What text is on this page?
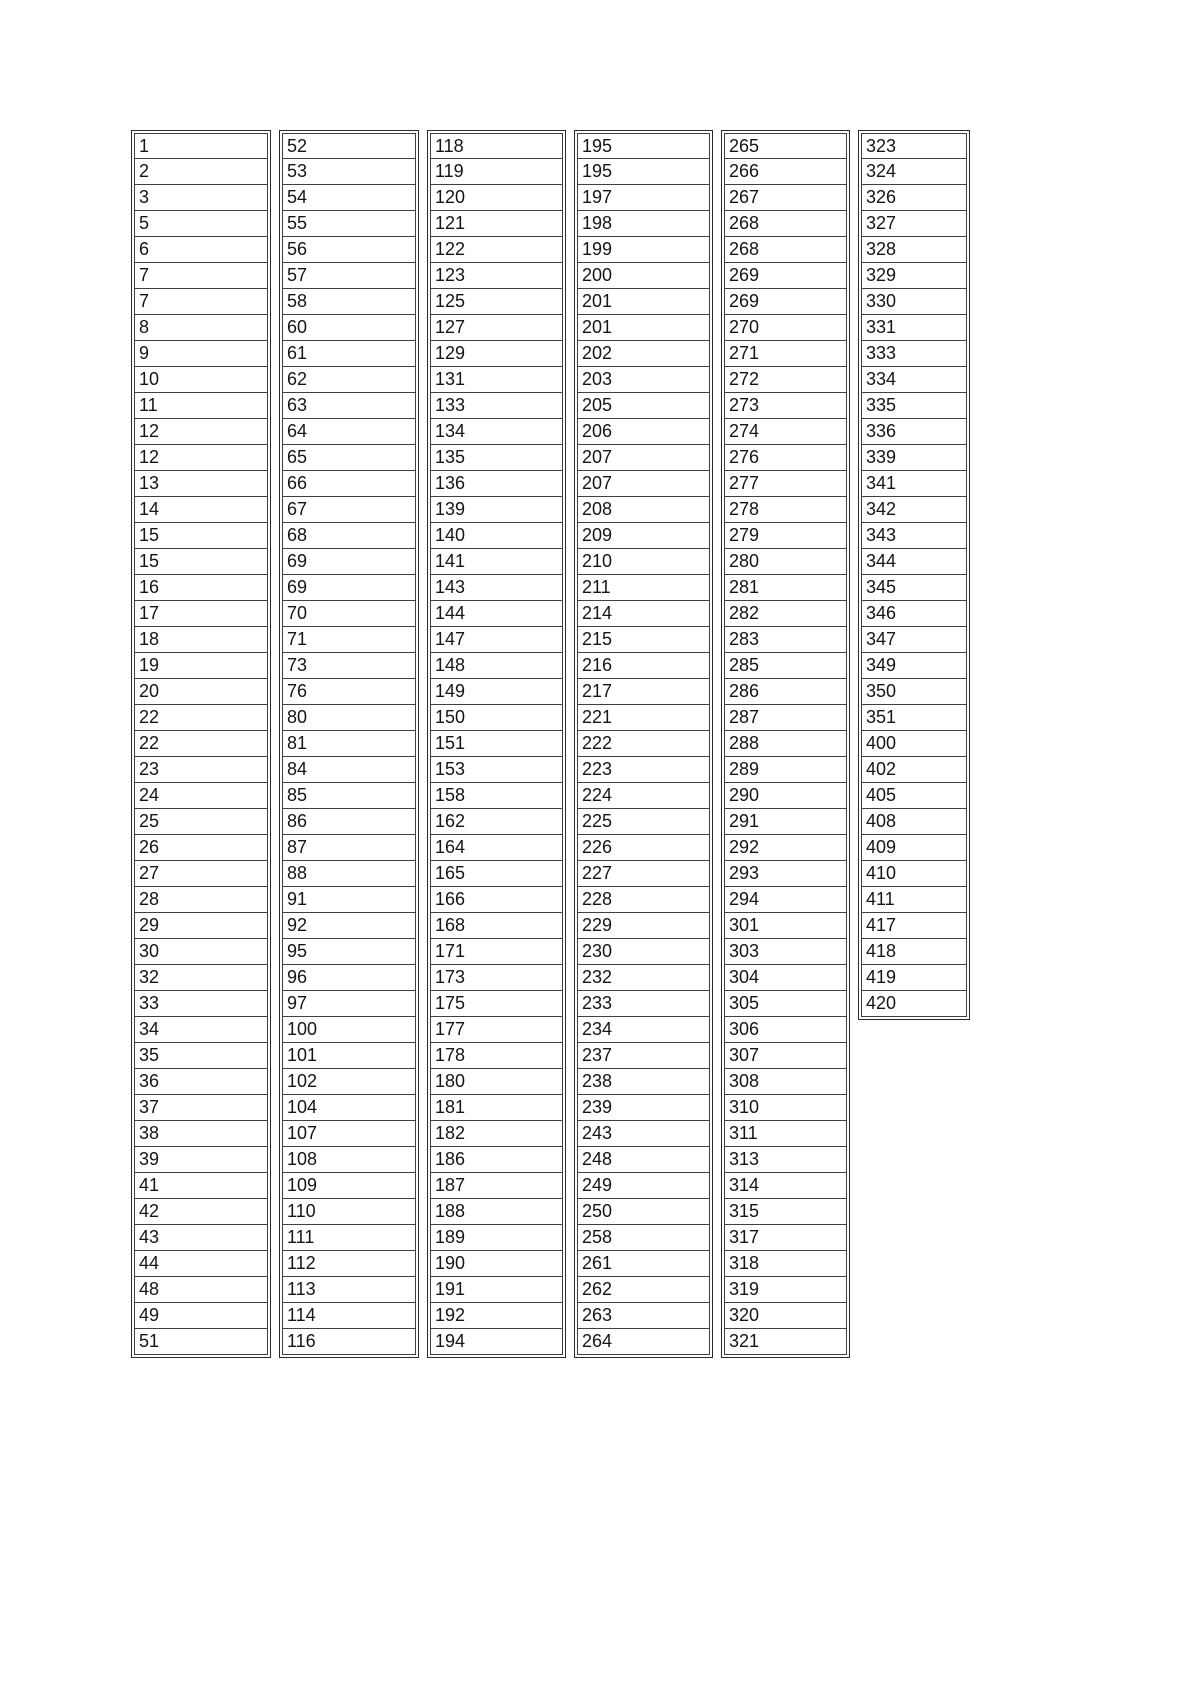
1
2
3
5
6
7
7
8
9
10
11
12
12
13
14
15
15
16
17
18
19
20
22
22
23
24
25
26
27
28
29
30
32
33
34
35
36
37
38
39
41
42
43
44
48
49
51
52
53
54
55
56
57
58
60
61
62
63
64
65
66
67
68
69
69
70
71
73
76
80
81
84
85
86
87
88
91
92
95
96
97
100
101
102
104
107
108
109
110
111
112
113
114
116
118
119
120
121
122
123
125
127
129
131
133
134
135
136
139
140
141
143
144
147
148
149
150
151
153
158
162
164
165
166
168
171
173
175
177
178
180
181
182
186
187
188
189
190
191
192
194
195
195
197
198
199
200
201
201
202
203
205
206
207
207
208
209
210
211
214
215
216
217
221
222
223
224
225
226
227
228
229
230
232
233
234
237
238
239
243
248
249
250
258
261
262
263
264
265
266
267
268
268
269
269
270
271
272
273
274
276
277
278
279
280
281
282
283
285
286
287
288
289
290
291
292
293
294
301
303
304
305
306
307
308
310
311
313
314
315
317
318
319
320
321
323
324
326
327
328
329
330
331
333
334
335
336
339
341
342
343
344
345
346
347
349
350
351
400
402
405
408
409
410
411
417
418
419
420
